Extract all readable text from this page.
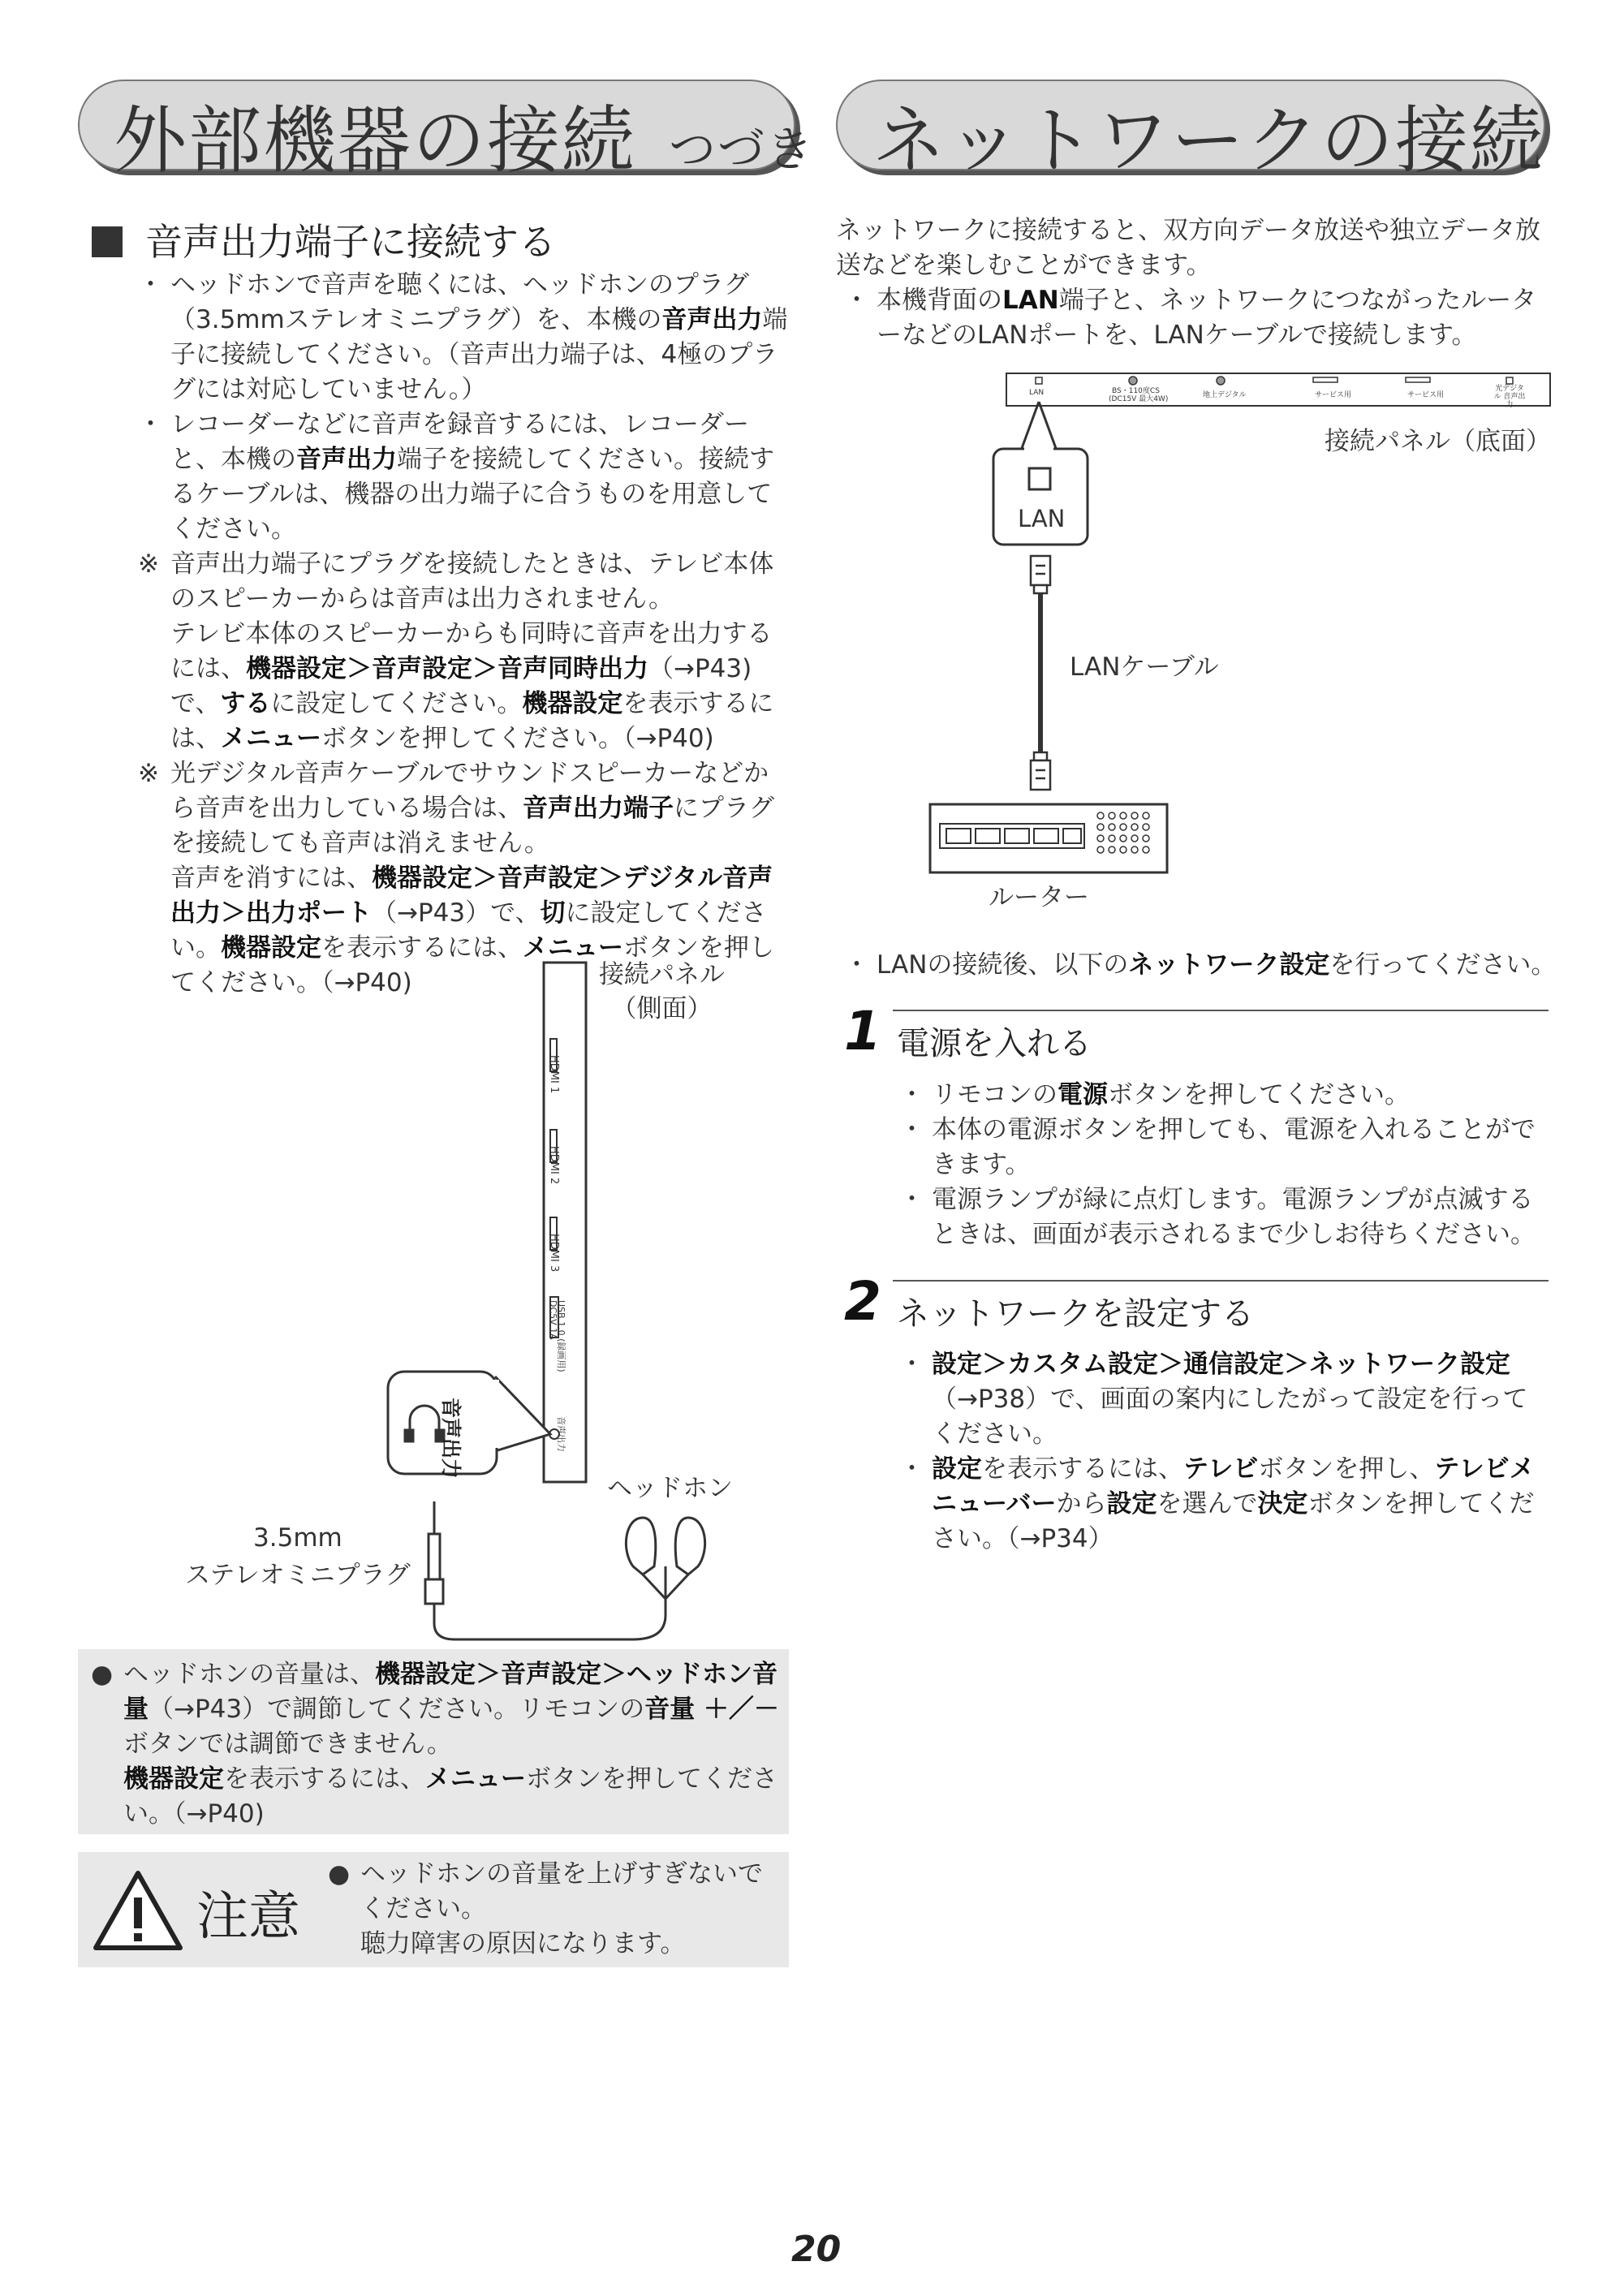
外部機器の接続 つづき ネットワークの接続
音声出力端子に接続する
・ ヘッドホンで音声を聴くには、ヘッドホンのプラグ（3.5mmステレオミニプラグ）を、本機の音声出力端子に接続してください。（音声出力端子は、4極のプラグには対応していません。）
・ レコーダーなどに音声を録音するには、レコーダーと、本機の音声出力端子を接続してください。接続するケーブルは、機器の出力端子に合うものを用意してください。
※ 音声出力端子にプラグを接続したときは、テレビ本体のスピーカーからは音声は出力されません。
テレビ本体のスピーカーからも同時に音声を出力するには、機器設定＞音声設定＞音声同時出力（→P43)で、するに設定してください。機器設定を表示するには、メニューボタンを押してください。（→P40)
※ 光デジタル音声ケーブルでサウンドスピーカーなどから音声を出力している場合は、音声出力端子にプラグを接続しても音声は消えません。
音声を消すには、機器設定＞音声設定＞デジタル音声出力＞出力ポート（→P43）で、切に設定してください。機器設定を表示するには、メニューボタンを押してください。（→P40)	接続パネル
（側面）
HDMI 1
HDMI 2
HDMI 3
USB 1.0 (録画用)
DC5V 1A
音声出力
音声出力
ヘッドホン
3.5mm
ステレオミニプラグ
● ヘッドホンの音量は、機器設定＞音声設定＞ヘッドホン音量（→P43）で調節してください。リモコンの音量 ＋／－ボタンでは調節できません。
機器設定を表示するには、メニューボタンを押してください。（→P40)
注意
● ヘッドホンの音量を上げすぎないでください。
聴力障害の原因になります。
ネットワークに接続すると、双方向データ放送や独立データ放送などを楽しむことができます。
・ 本機背面のLAN端子と、ネットワークにつながったルーターなどのLANポートを、LANケーブルで接続します。
LAN	BS・110度CS
(DC15V 最大4W)	地上デジタル	サービス用	サービス用
光デジタル 音声出力
接続パネル（底面）
LAN
LANケーブル
ルーター
・ LANの接続後、以下のネットワーク設定を行ってください。
1 電源を入れる
・ リモコンの電源ボタンを押してください。
・ 本体の電源ボタンを押しても、電源を入れることができます。
・ 電源ランプが緑に点灯します。電源ランプが点滅するときは、画面が表示されるまで少しお待ちください。
2 ネットワークを設定する
・ 設定＞カスタム設定＞通信設定＞ネットワーク設定（→P38）で、画面の案内にしたがって設定を行ってください。
・ 設定を表示するには、テレビボタンを押し、テレビメニューバーから設定を選んで決定ボタンを押してください。（→P34）
20
